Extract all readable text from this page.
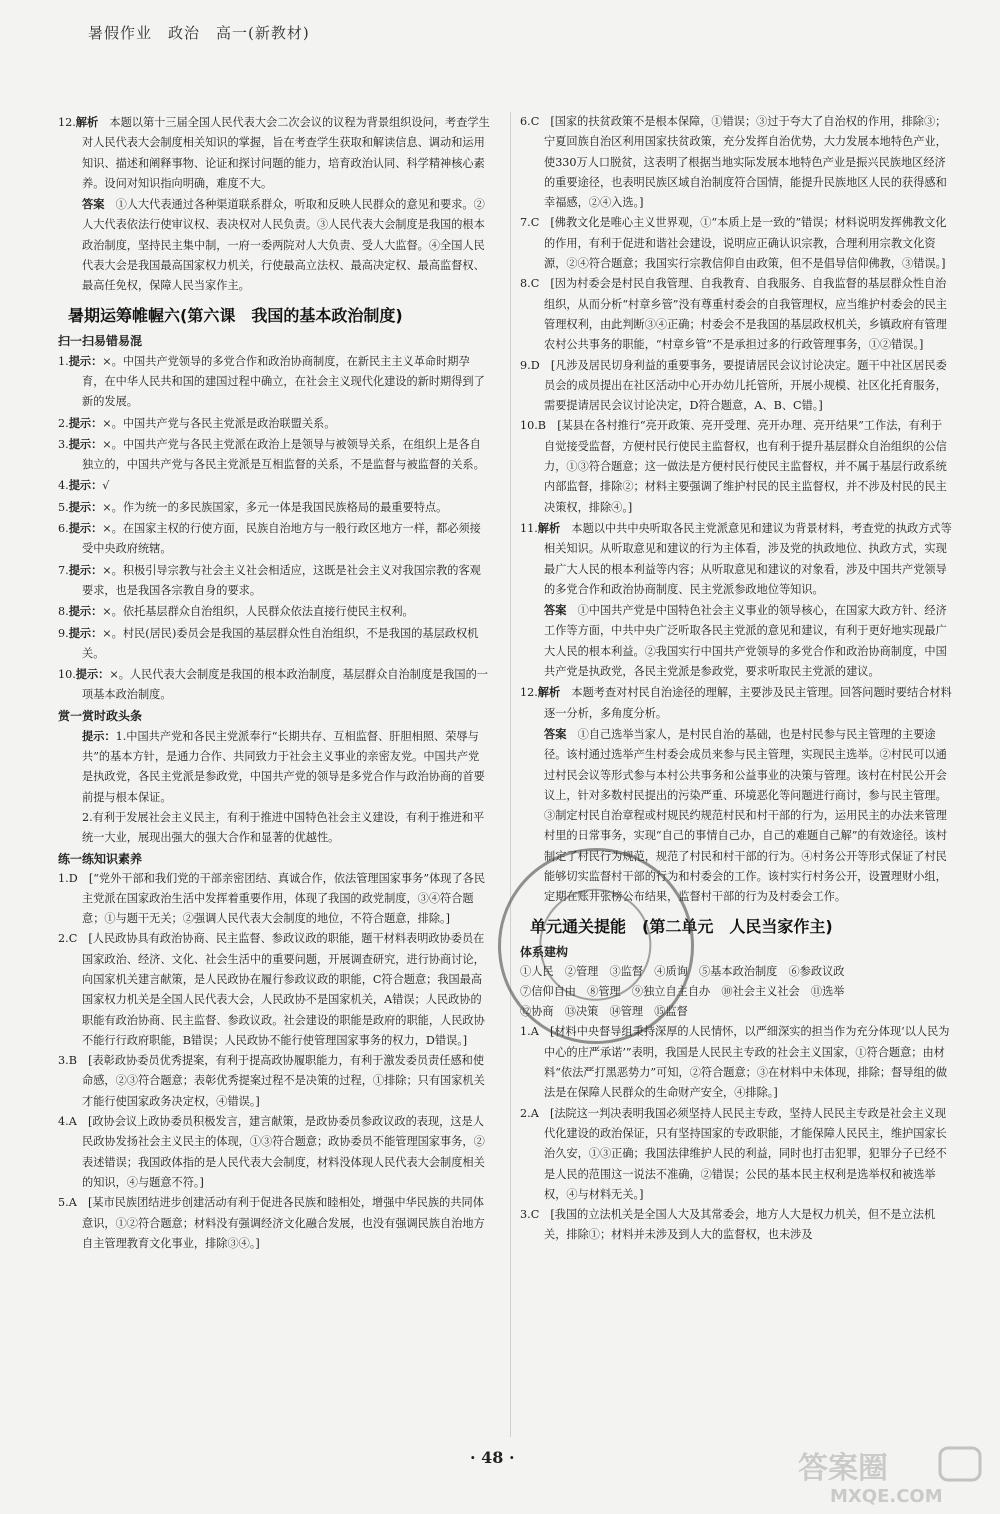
暑假作业　政治　高一(新教材)

12.解析　 本题以第十三届全国人民代表大会二次会议的议程为背景组织设问，考查学生对人民代表大会制度相关知识的掌握，旨在考查学生获取和解读信息、调动和运用知识、描述和阐释事物、论证和探讨问题的能力，培育政治认同、科学精神核心素养。设问对知识指向明确，难度不大。

答案　 ①人大代表通过各种渠道联系群众，听取和反映人民群众的意见和要求。②人大代表依法行使审议权、表决权对人民负责。③人民代表大会制度是我国的根本政治制度，坚持民主集中制，一府一委两院对人大负责、受人大监督。④全国人民代表大会是我国最高国家权力机关，行使最高立法权、最高决定权、最高监督权、最高任免权，保障人民当家作主。

暑期运筹帷幄六(第六课　我国的基本政治制度)
扫一扫易错易混

1.提示：×。中国共产党领导的多党合作和政治协商制度，在新民主主义革命时期孕育，在中华人民共和国的建国过程中确立，在社会主义现代化建设的新时期得到了新的发展。

2.提示：×。中国共产党与各民主党派是政治联盟关系。

3.提示：×。中国共产党与各民主党派在政治上是领导与被领导关系，在组织上是各自独立的，中国共产党与各民主党派是互相监督的关系，不是监督与被监督的关系。

4.提示：√

5.提示：×。作为统一的多民族国家，多元一体是我国民族格局的最重要特点。

6.提示：×。在国家主权的行使方面，民族自治地方与一般行政区地方一样，都必须接受中央政府统辖。

7.提示：×。积极引导宗教与社会主义社会相适应，这既是社会主义对我国宗教的客观要求，也是我国各宗教自身的要求。

8.提示：×。依托基层群众自治组织，人民群众依法直接行使民主权利。

9.提示：×。村民(居民)委员会是我国的基层群众性自治组织，不是我国的基层政权机关。

10.提示：×。人民代表大会制度是我国的根本政治制度，基层群众自治制度是我国的一项基本政治制度。

赏一赏时政头条

提示：1.中国共产党和各民主党派奉行“长期共存、互相监督、肝胆相照、荣辱与共”的基本方针，是通力合作、共同致力于社会主义事业的亲密友党。中国共产党是执政党，各民主党派是参政党，中国共产党的领导是多党合作与政治协商的首要前提与根本保证。

2.有利于发展社会主义民主，有利于推进中国特色社会主义建设，有利于推进和平统一大业，展现出强大的强大合作和显著的优越性。

练一练知识素养

1.D　[“党外干部和我们党的干部亲密团结、真诚合作，依法管理国家事务”体现了各民主党派在国家政治生活中发挥着重要作用，体现了我国的政党制度，③④符合题意；①与题干无关；②强调人民代表大会制度的地位，不符合题意，排除。]

2.C　[人民政协具有政治协商、民主监督、参政议政的职能，题干材料表明政协委员在国家政治、经济、文化、社会生活中的重要问题，开展调查研究，进行协商讨论，向国家机关建言献策，是人民政协在履行参政议政的职能，C符合题意；我国最高国家权力机关是全国人民代表大会，人民政协不是国家机关，A错误；人民政协的职能有政治协商、民主监督、参政议政。社会建设的职能是政府的职能，人民政协不能行行政府职能，B错误；人民政协不能行使管理国家事务的权力，D错误。]

3.B　[表彰政协委员优秀提案，有利于提高政协履职能力，有利于激发委员责任感和使命感，②③符合题意；表彰优秀提案过程不是决策的过程，①排除；只有国家机关才能行使国家政务决定权，④错误。]

4.A　[政协会议上政协委员积极发言，建言献策，是政协委员参政议政的表现，这是人民政协发扬社会主义民主的体现，①③符合题意；政协委员不能管理国家事务，②表述错误；我国政体指的是人民代表大会制度，材料没体现人民代表大会制度相关的知识，④与题意不符。]

5.A　[某市民族团结进步创建活动有利于促进各民族和睦相处，增强中华民族的共同体意识，①②符合题意；材料没有强调经济文化融合发展，也没有强调民族自治地方自主管理教育文化事业，排除③④。]

6.C　[国家的扶贫政策不是根本保障，①错误；③过于夸大了自治权的作用，排除③；宁夏回族自治区利用国家扶贫政策，充分发挥自治优势，大力发展本地特色产业，使330万人口脱贫，这表明了根据当地实际发展本地特色产业是振兴民族地区经济的重要途径，也表明民族区域自治制度符合国情，能提升民族地区人民的获得感和幸福感，②④入选。]

7.C　[佛教文化是唯心主义世界观，①“本质上是一致的”错误；材料说明发挥佛教文化的作用，有利于促进和谐社会建设，说明应正确认识宗教，合理利用宗教文化资源，②④符合题意；我国实行宗教信仰自由政策，但不是倡导信仰佛教，③错误。]

8.C　[因为村委会是村民自我管理、自我教育、自我服务、自我监督的基层群众性自治组织，从而分析“村章乡管”没有尊重村委会的自我管理权，应当维护村委会的民主管理权利，由此判断③④正确；村委会不是我国的基层政权机关，乡镇政府有管理农村公共事务的职能，“村章乡管”不是承担过多的行政管理事务，①②错误。]

9.D　[凡涉及居民切身利益的重要事务，要提请居民会议讨论决定。题干中社区居民委员会的成员提出在社区活动中心开办幼儿托管所，开展小规模、社区化托育服务，需要提请居民会议讨论决定，D符合题意，A、B、C错。]

10.B　[某县在各村推行“亮开政策、亮开受理、亮开办理、亮开结果”工作法，有利于自觉接受监督，方便村民行使民主监督权，也有利于提升基层群众自治组织的公信力，①③符合题意；这一做法是方便村民行使民主监督权，并不属于基层行政系统内部监督，排除②；材料主要强调了维护村民的民主监督权，并不涉及村民的民主决策权，排除④。]

11.解析　 本题以中共中央听取各民主党派意见和建议为背景材料，考查党的执政方式等相关知识。从听取意见和建议的行为主体看，涉及党的执政地位、执政方式，实现最广大人民的根本利益等内容；从听取意见和建议的对象看，涉及中国共产党领导的多党合作和政治协商制度、民主党派参政地位等知识。

答案　 ①中国共产党是中国特色社会主义事业的领导核心，在国家大政方针、经济工作等方面，中共中央广泛听取各民主党派的意见和建议，有利于更好地实现最广大人民的根本利益。②我国实行中国共产党领导的多党合作和政治协商制度，中国共产党是执政党，各民主党派是参政党，要求听取民主党派的建议。

12.解析　 本题考查对村民自治途径的理解，主要涉及民主管理。回答问题时要结合材料逐一分析，多角度分析。

答案　 ①自己选举当家人，是村民自治的基础，也是村民参与民主管理的主要途径。该村通过选举产生村委会成员来参与民主管理，实现民主选举。②村民可以通过村民会议等形式参与本村公共事务和公益事业的决策与管理。该村在村民公开会议上，针对多数村民提出的污染严重、环境恶化等问题进行商讨，参与民主管理。③制定村民自治章程或村规民约规范村民和村干部的行为，运用民主的办法来管理村里的日常事务，实现“自己的事情自己办，自己的难题自己解”的有效途径。该村制定了村民行为规范，规范了村民和村干部的行为。④村务公开等形式保证了村民能够切实监督村干部的行为和村委会的工作。该村实行村务公开，设置理财小组，定期在账井张榜公布结果，监督村干部的行为及村委会工作。

单元通关提能　(第二单元　人民当家作主)
体系建构

①人民　②管理　③监督　④质询　⑤基本政治制度　⑥参政议政

⑦信仰自由　⑧管理　⑨独立自主自办　⑩社会主义社会　⑪选举

⑫协商　⑬决策　⑭管理　⑮监督

1.A　[材料中央督导组秉持深厚的人民情怀，以严细深实的担当作为充分体现‘以人民为中心的庄严承诺’”表明，我国是人民民主专政的社会主义国家，①符合题意；由材料“依法严打黑恶势力”可知，②符合题意；③在材料中未体现，排除；督导组的做法是在保障人民群众的生命财产安全，④排除。]

2.A　[法院这一判决表明我国必须坚持人民民主专政，坚持人民民主专政是社会主义现代化建设的政治保证，只有坚持国家的专政职能，才能保障人民民主，维护国家长治久安，①③正确；我国法律维护人民的利益，同时也打击犯罪，犯罪分子已经不是人民的范围这一说法不准确，②错误；公民的基本民主权利是选举权和被选举权，④与材料无关。]

3.C　[我国的立法机关是全国人大及其常委会，地方人大是权力机关，但不是立法机关，排除①；材料并未涉及到人大的监督权，也未涉及

· 48 ·	答案圈
MXQE.COM
